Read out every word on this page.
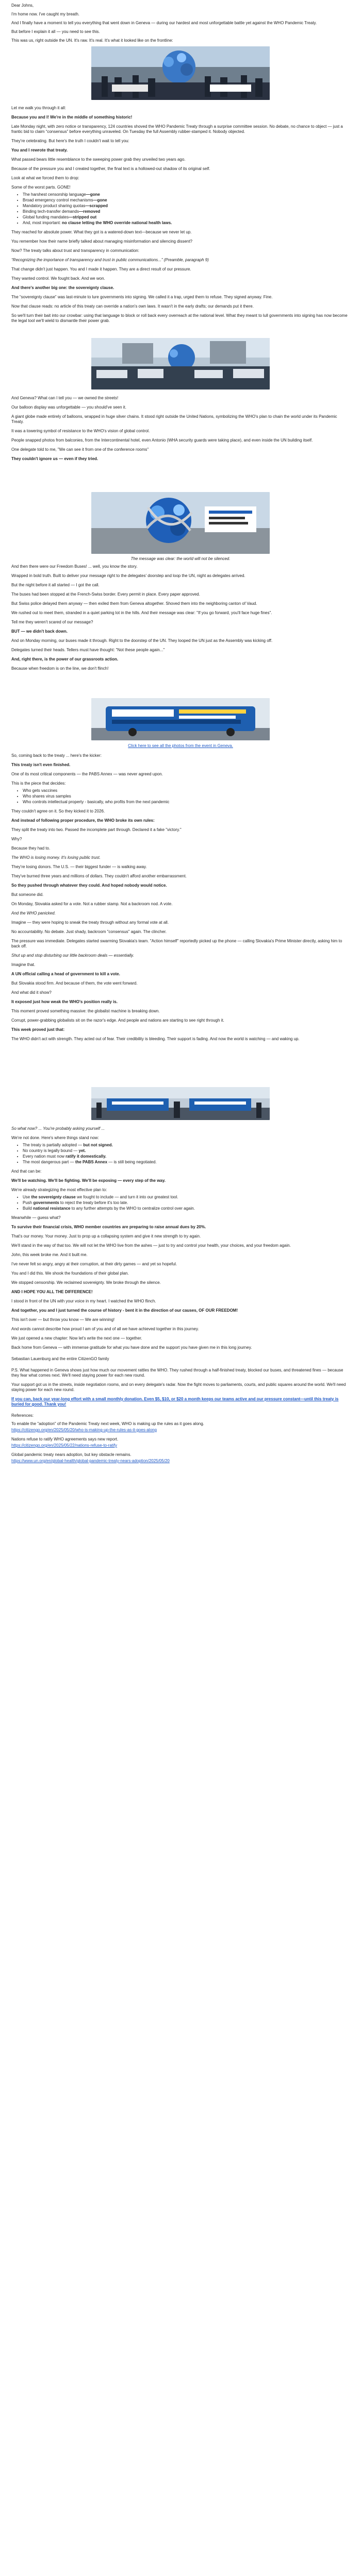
Dear Johns,

I'm home now. I've caught my breath.

And I finally have a moment to tell you everything that went down in Geneva — during our hardest and most unforgettable battle yet against the WHO Pandemic Treaty.

But before I explain it all — you need to see this.

This was us, right outside the UN. It's raw. It's real. It's what it looked like on the frontline:

Let me walk you through it all:

Because you and I! We're in the middle of something historic!

Late Monday night, with zero notice or transparency, 124 countries shoved the WHO Pandemic Treaty through a surprise committee session. No debate, no chance to object — just a frantic bid to claim “consensus” before everything unraveled. On Tuesday the full Assembly rubber-stamped it. Nobody objected.

They're celebrating. But here's the truth I couldn't wait to tell you:

You and I rewrote that treaty.

What passed bears little resemblance to the sweeping power grab they unveiled two years ago.

Because of the pressure you and I created together, the final text is a hollowed-out shadow of its original self.

Look at what we forced them to drop:

Some of the worst parts. GONE!

• The harshest censorship language—gone
• Broad emergency control mechanisms—gone
• Mandatory product sharing quotas—scrapped
• Binding tech-transfer demands—removed
• Global funding mandates—stripped out
• And, most important: no clause letting the WHO override national health laws.

They reached for absolute power. What they got is a watered-down text—because we never let up.

You remember how their name briefly talked about managing misinformation and silencing dissent?

Now? The treaty talks about trust and transparency in communication:

“Recognizing the importance of transparency and trust in public communications...” (Preamble, paragraph 9)

That change didn't just happen. You and I made it happen. They are a direct result of our pressure.

They wanted control. We fought back. And we won.

And there's another big one: the sovereignty clause.

The “sovereignty clause” was last-minute to lure governments into signing. We called it a trap, urged them to refuse. They signed anyway. Fine.

Now that clause reads: no article of this treaty can override a nation's own laws. It wasn't in the early drafts; our demands put it there.

So we'll turn their bait into our crowbar: using that language to block or roll back every overreach at the national level. What they meant to lull governments into signing has now become the legal tool we'll wield to dismantle their power grab.

And Geneva? What can I tell you — we owned the streets!

Our balloon display was unforgettable — you should've seen it.

A giant globe made entirely of balloons, wrapped in huge silver chains. It stood right outside the United Nations, symbolizing the WHO's plan to chain the world under its Pandemic Treaty.

It was a towering symbol of resistance to the WHO's vision of global control.

People snapped photos from balconies, from the Intercontinental hotel, even Antonio (WHA security guards were taking place), and even inside the UN building itself.

One delegate told to me, "We can see it from one of the conference rooms"

They couldn't ignore us — even if they tried.

The message was clear: the world will not be silenced.

And then there were our Freedom Buses! ... well, you know the story.

Wrapped in bold truth. Built to deliver your message right to the delegates' doorstep and loop the UN, night as delegates arrived.

But the night before it all started — I got the call.

The buses had been stopped at the French-Swiss border. Every permit in place. Every paper approved.

But Swiss police delayed them anyway — then exiled them from Geneva altogether. Shoved them into the neighboring canton of Vaud.

We rushed out to meet them, stranded in a quiet parking lot in the hills. And their message was clear: "If you go forward, you'll face huge fines".

Tell me they weren't scared of our message?

BUT — we didn't back down.

And on Monday morning, our buses made it through. Right to the doorstep of the UN. They looped the UN just as the Assembly was kicking off.

Delegates turned their heads. Tellers must have thought: "Not these people again..."

And, right there, is the power of our grassroots action.

Because when freedom is on the line, we don't flinch!

Click here to see all the photos from the event in Geneva.

So, coming back to the treaty ... here's the kicker:

This treaty isn't even finished.

One of its most critical components — the PABS Annex — was never agreed upon.

This is the piece that decides:

• Who gets vaccines
• Who shares virus samples
• Who controls intellectual property - basically, who profits from the next pandemic

They couldn't agree on it. So they kicked it to 2026.

And instead of following proper procedure, the WHO broke its own rules:

They split the treaty into two. Passed the incomplete part through. Declared it a fake "victory."

Why?

Because they had to.

The WHO is losing money. It's losing public trust.

They're losing donors. The U.S. — their biggest funder — is walking away.

They've burned three years and millions of dollars. They couldn't afford another embarrassment.

So they pushed through whatever they could. And hoped nobody would notice.

But someone did.

On Monday, Slovakia asked for a vote. Not a rubber stamp. Not a backroom nod. A vote.

And the WHO panicked.

Imagine — they were hoping to sneak the treaty through without any formal vote at all.

No accountability. No debate. Just shady, backroom "consensus" again. The clincher.

The pressure was immediate. Delegates started swarming Slovakia's team. "Action himself" reportedly picked up the phone — calling Slovakia's Prime Minister directly, asking him to back off.

Shut up and stop disturbing our little backroom deals — essentially.

Imagine that.

A UN official calling a head of government to kill a vote.

But Slovakia stood firm. And because of them, the vote went forward.

And what did it show?

It exposed just how weak the WHO's position really is.

This moment proved something massive: the globalist machine is breaking down.

Corrupt, power-grabbing globalists sit on the razor's edge. And people and nations are starting to see right through it.

This week proved just that:

The WHO didn't act with strength. They acted out of fear. Their credibility is bleeding. Their support is fading. And now the world is watching — and waking up.

So what now? ... You're probably asking yourself ...

We're not done. Here's where things stand now:

• The treaty is partially adopted — but not signed.
• No country is legally bound — yet.
• Every nation must now ratify it domestically.
• The most dangerous part — the PABS Annex — is still being negotiated.

And that can be:

We'll be watching. We'll be fighting. We'll be exposing — every step of the way.

We're already strategizing the most effective plan to:

• Use the sovereignty clause we fought to include — and turn it into our greatest tool.
• Push governments to reject the treaty before it's too late.
• Build national resistance to any further attempts by the WHO to centralize control over again.

Meanwhile — guess what?

To survive their financial crisis, WHO member countries are preparing to raise annual dues by 20%.

That's our money. Your money. Just to prop up a collapsing system and give it new strength to try again.

We'll stand in the way of that too. We will not let the WHO live from the ashes — just to try and control your health, your choices, and your freedom again.

John, this week broke me. And it built me.

I've never felt so angry, angry at their corruption, at their dirty games — and yet so hopeful.

You and I did this. We shook the foundations of their global plan.

We stopped censorship. We reclaimed sovereignty. We broke through the silence.

AND I HOPE YOU ALL THE DIFFERENCE!

I stood in front of the UN with your voice in my heart. I watched the WHO flinch.

And together, you and I just turned the course of history - bent it in the direction of our causes, OF OUR FREEDOM!

This isn't over — but throw you know — We are winning!

And words cannot describe how proud I am of you and of all we have achieved together in this journey.

We just opened a new chapter: Now let's write the next one — together.

Back home from Geneva — with immense gratitude for what you have done and the support you have given me in this long journey.

Sebastian Lauenburg and the entire CitizenGO family

P.S. What happened in Geneva shows just how much our movement rattles the WHO. They rushed through a half-finished treaty, blocked our buses, and threatened fines — because they fear what comes next. We'll need staying power for each new round.

Your support got us in the streets, inside negotiation rooms, and on every delegate's radar. Now the fight moves to parliaments, courts, and public squares around the world. We'll need staying power for each new round.

If you can, back our year-long effort with a small monthly donation. Even $5, $10, or $20 a month keeps our teams active and our pressure constant—until this treaty is buried for good. Thank you!

References:

To enable the "adoption" of the Pandemic Treaty next week, WHO is making up the rules as it goes along.

https://citizengo.org/en/2025/05/20/who-is-making-up-the-rules-as-it-goes-along

Nations refuse to ratify WHO agreements says new report.

https://citizengo.org/en/2025/05/22/nations-refuse-to-ratify

Global pandemic treaty nears adoption, but key obstacle remains.

https://www.un.org/en/global-health/global-pandemic-treaty-nears-adoption/2025/05/20
